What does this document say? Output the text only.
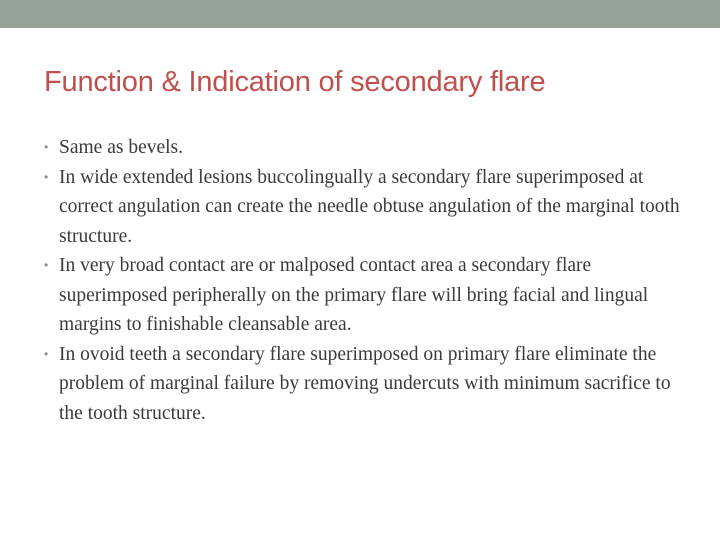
Function & Indication of secondary flare
• Same as bevels.
• In wide extended lesions buccolingually a secondary flare superimposed at correct angulation can create the needle obtuse angulation of the marginal tooth structure.
• In very broad contact are or malposed contact area a secondary flare superimposed peripherally on the primary flare will bring facial and lingual margins to finishable cleansable area.
• In ovoid teeth a secondary flare superimposed on primary flare eliminate the problem of marginal failure by removing undercuts with minimum sacrifice to the tooth structure.
